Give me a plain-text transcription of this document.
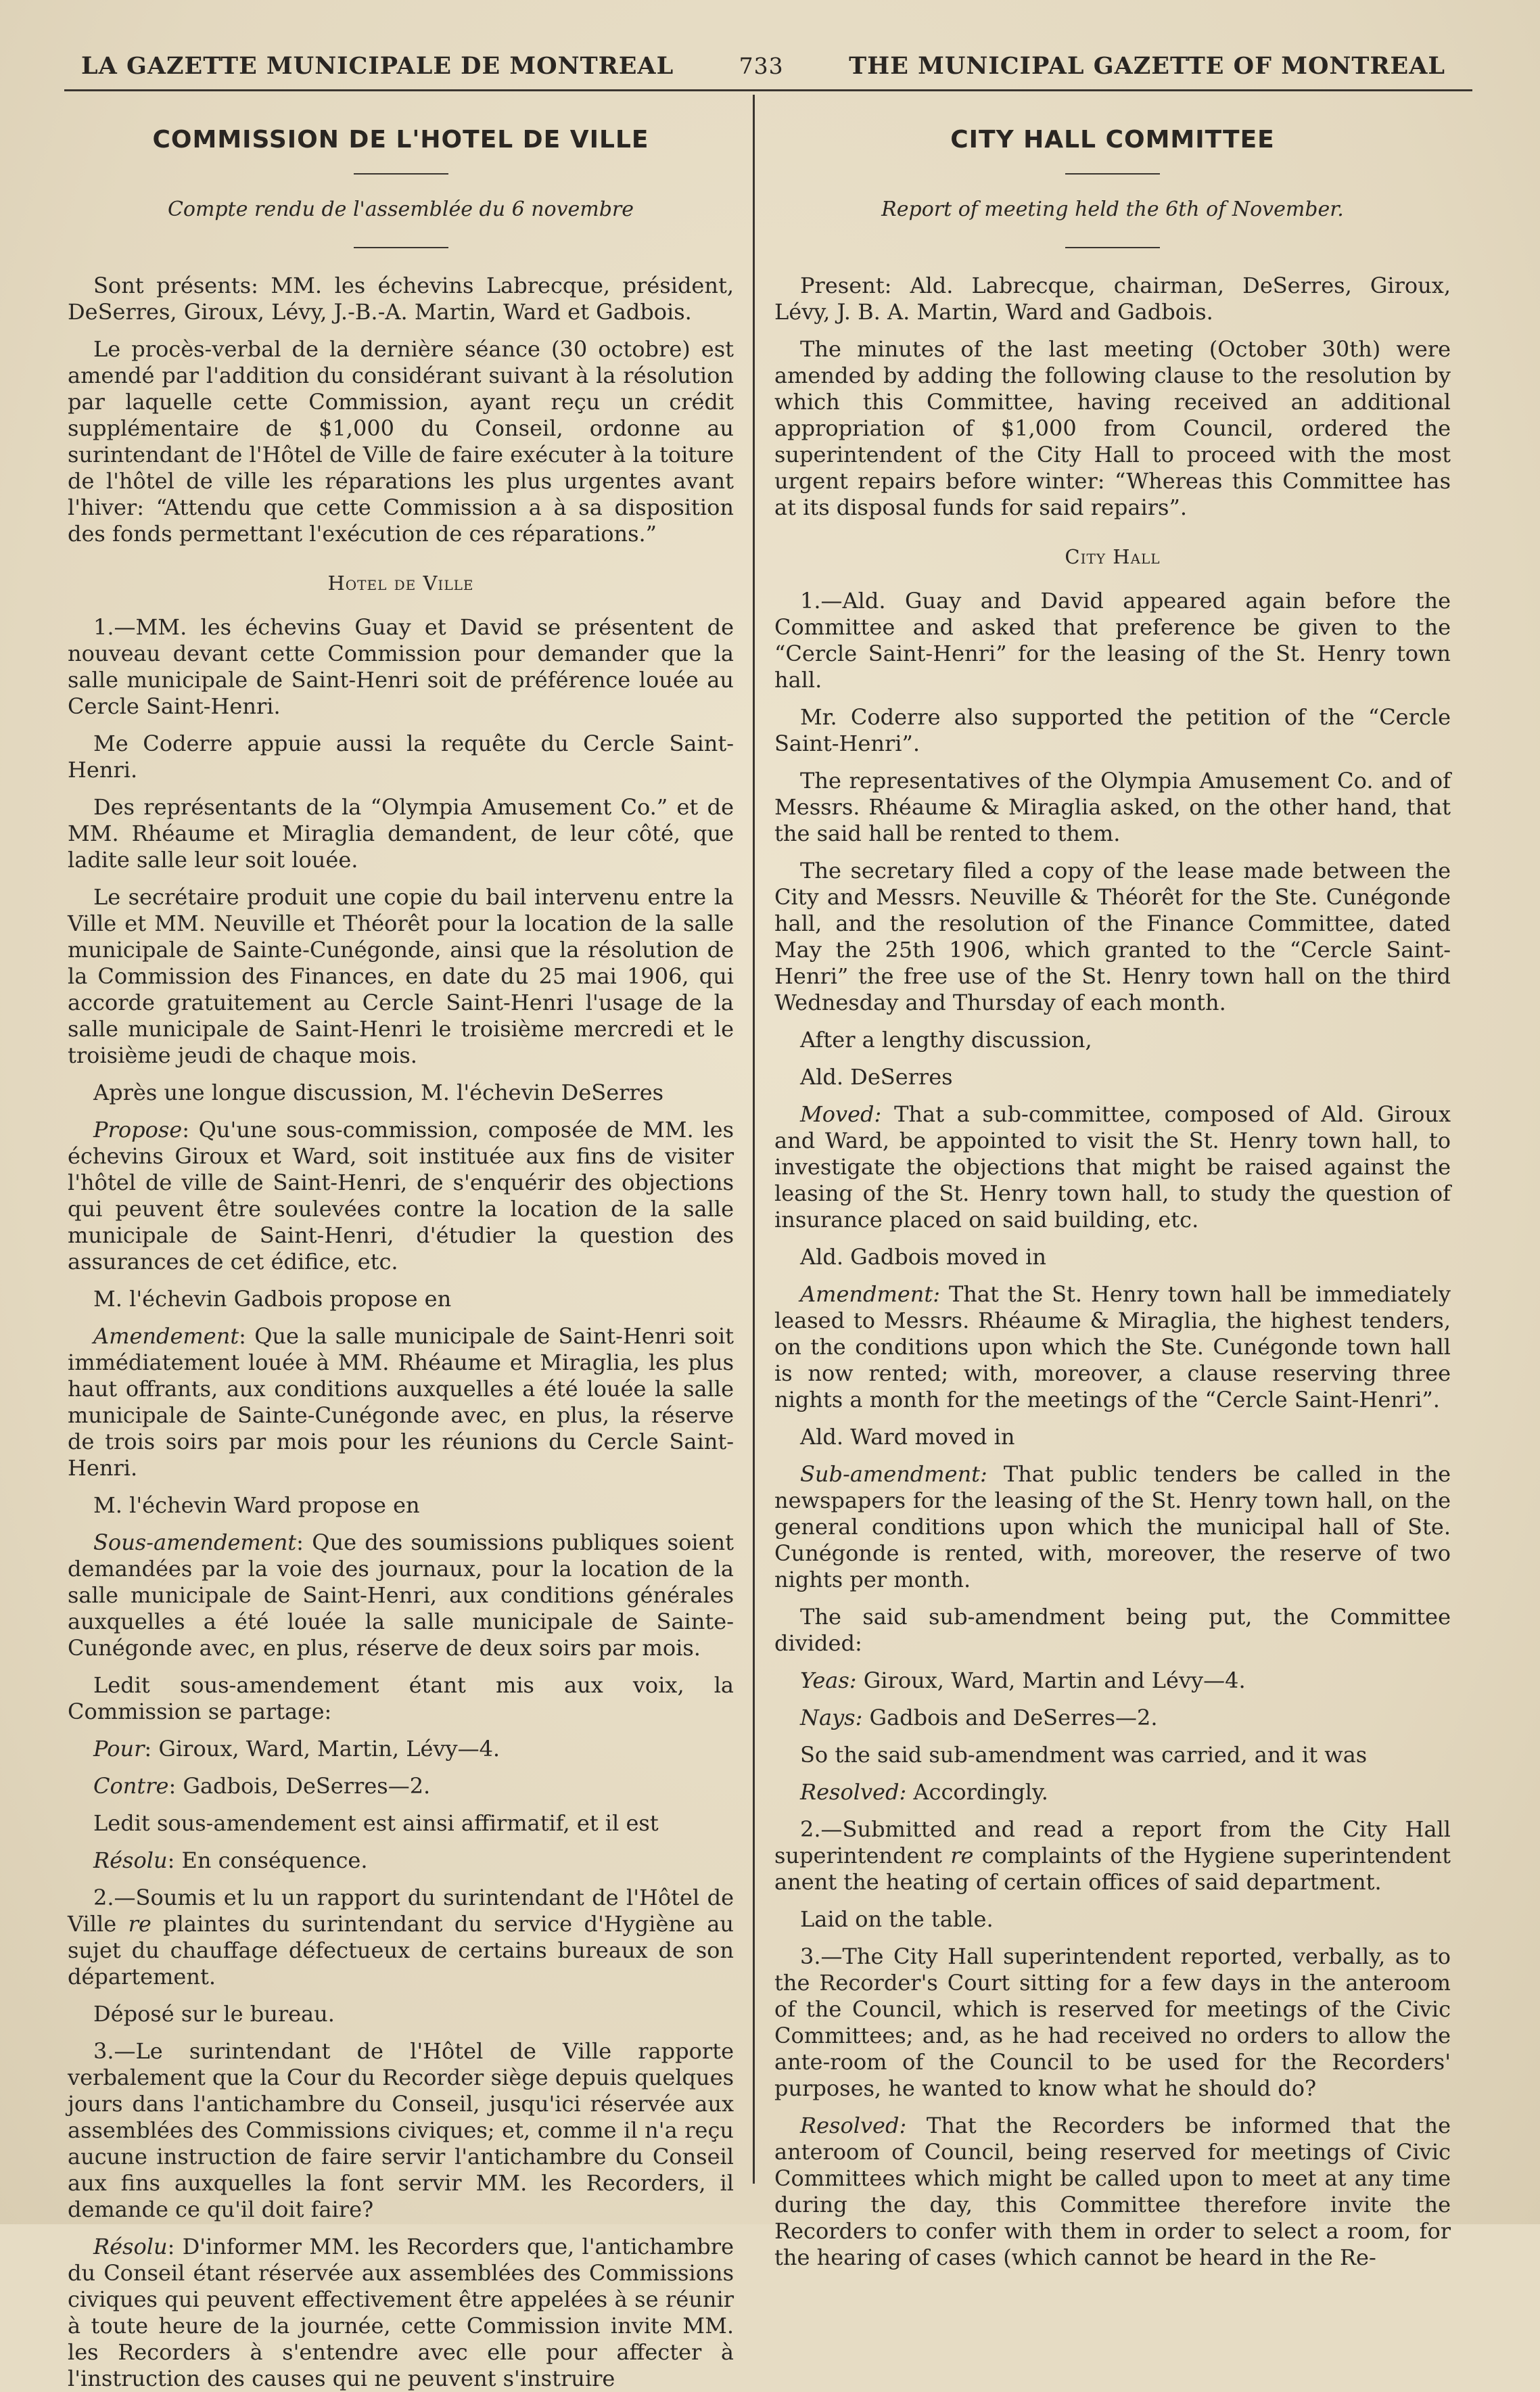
LA GAZETTE MUNICIPALE DE MONTREAL	733	THE MUNICIPAL GAZETTE OF MONTREAL
COMMISSION DE L'HOTEL DE VILLE
Compte rendu de l'assemblée du 6 novembre

Sont présents: MM. les échevins Labrecque, président, DeSerres, Giroux, Lévy, J.-B.-A. Martin, Ward et Gadbois.

Le procès-verbal de la dernière séance (30 octobre) est amendé par l'addition du considérant suivant à la résolution par laquelle cette Commission, ayant reçu un crédit supplémentaire de $1,000 du Conseil, ordonne au surintendant de l'Hôtel de Ville de faire exécuter à la toiture de l'hôtel de ville les réparations les plus urgentes avant l'hiver: “Attendu que cette Commission a à sa disposition des fonds permettant l'exécution de ces réparations.”

Hotel de Ville

1.—MM. les échevins Guay et David se présentent de nouveau devant cette Commission pour demander que la salle municipale de Saint-Henri soit de préférence louée au Cercle Saint-Henri.

Me Coderre appuie aussi la requête du Cercle Saint-Henri.

Des représentants de la “Olympia Amusement Co.” et de MM. Rhéaume et Miraglia demandent, de leur côté, que ladite salle leur soit louée.

Le secrétaire produit une copie du bail intervenu entre la Ville et MM. Neuville et Théorêt pour la location de la salle municipale de Sainte-Cunégonde, ainsi que la résolution de la Commission des Finances, en date du 25 mai 1906, qui accorde gratuitement au Cercle Saint-Henri l'usage de la salle municipale de Saint-Henri le troisième mercredi et le troisième jeudi de chaque mois.

Après une longue discussion, M. l'échevin DeSerres

Propose: Qu'une sous-commission, composée de MM. les échevins Giroux et Ward, soit instituée aux fins de visiter l'hôtel de ville de Saint-Henri, de s'enquérir des objections qui peuvent être soulevées contre la location de la salle municipale de Saint-Henri, d'étudier la question des assurances de cet édifice, etc.

M. l'échevin Gadbois propose en

Amendement: Que la salle municipale de Saint-Henri soit immédiatement louée à MM. Rhéaume et Miraglia, les plus haut offrants, aux conditions auxquelles a été louée la salle municipale de Sainte-Cunégonde avec, en plus, la réserve de trois soirs par mois pour les réunions du Cercle Saint-Henri.

M. l'échevin Ward propose en

Sous-amendement: Que des soumissions publiques soient demandées par la voie des journaux, pour la location de la salle municipale de Saint-Henri, aux conditions générales auxquelles a été louée la salle municipale de Sainte-Cunégonde avec, en plus, réserve de deux soirs par mois.

Ledit sous-amendement étant mis aux voix, la Commission se partage:

Pour: Giroux, Ward, Martin, Lévy—4.

Contre: Gadbois, DeSerres—2.

Ledit sous-amendement est ainsi affirmatif, et il est

Résolu: En conséquence.

2.—Soumis et lu un rapport du surintendant de l'Hôtel de Ville re plaintes du surintendant du service d'Hygiène au sujet du chauffage défectueux de certains bureaux de son département.

Déposé sur le bureau.

3.—Le surintendant de l'Hôtel de Ville rapporte verbalement que la Cour du Recorder siège depuis quelques jours dans l'antichambre du Conseil, jusqu'ici réservée aux assemblées des Commissions civiques; et, comme il n'a reçu aucune instruction de faire servir l'antichambre du Conseil aux fins auxquelles la font servir MM. les Recorders, il demande ce qu'il doit faire?

Résolu: D'informer MM. les Recorders que, l'antichambre du Conseil étant réservée aux assemblées des Commissions civiques qui peuvent effectivement être appelées à se réunir à toute heure de la journée, cette Commission invite MM. les Recorders à s'entendre avec elle pour affecter à l'instruction des causes qui ne peuvent s'instruire

CITY HALL COMMITTEE
Report of meeting held the 6th of November.

Present: Ald. Labrecque, chairman, DeSerres, Giroux, Lévy, J. B. A. Martin, Ward and Gadbois.

The minutes of the last meeting (October 30th) were amended by adding the following clause to the resolution by which this Committee, having received an additional appropriation of $1,000 from Council, ordered the superintendent of the City Hall to proceed with the most urgent repairs before winter: “Whereas this Committee has at its disposal funds for said repairs”.

City Hall

1.—Ald. Guay and David appeared again before the Committee and asked that preference be given to the “Cercle Saint-Henri” for the leasing of the St. Henry town hall.

Mr. Coderre also supported the petition of the “Cercle Saint-Henri”.

The representatives of the Olympia Amusement Co. and of Messrs. Rhéaume & Miraglia asked, on the other hand, that the said hall be rented to them.

The secretary filed a copy of the lease made between the City and Messrs. Neuville & Théorêt for the Ste. Cunégonde hall, and the resolution of the Finance Committee, dated May the 25th 1906, which granted to the “Cercle Saint-Henri” the free use of the St. Henry town hall on the third Wednesday and Thursday of each month.

After a lengthy discussion,

Ald. DeSerres

Moved: That a sub-committee, composed of Ald. Giroux and Ward, be appointed to visit the St. Henry town hall, to investigate the objections that might be raised against the leasing of the St. Henry town hall, to study the question of insurance placed on said building, etc.

Ald. Gadbois moved in

Amendment: That the St. Henry town hall be immediately leased to Messrs. Rhéaume & Miraglia, the highest tenders, on the conditions upon which the Ste. Cunégonde town hall is now rented; with, moreover, a clause reserving three nights a month for the meetings of the “Cercle Saint-Henri”.

Ald. Ward moved in

Sub-amendment: That public tenders be called in the newspapers for the leasing of the St. Henry town hall, on the general conditions upon which the municipal hall of Ste. Cunégonde is rented, with, moreover, the reserve of two nights per month.

The said sub-amendment being put, the Committee divided:

Yeas: Giroux, Ward, Martin and Lévy—4.

Nays: Gadbois and DeSerres—2.

So the said sub-amendment was carried, and it was

Resolved: Accordingly.

2.—Submitted and read a report from the City Hall superintendent re complaints of the Hygiene superintendent anent the heating of certain offices of said department.

Laid on the table.

3.—The City Hall superintendent reported, verbally, as to the Recorder's Court sitting for a few days in the anteroom of the Council, which is reserved for meetings of the Civic Committees; and, as he had received no orders to allow the ante-room of the Council to be used for the Recorders' purposes, he wanted to know what he should do?

Resolved: That the Recorders be informed that the anteroom of Council, being reserved for meetings of Civic Committees which might be called upon to meet at any time during the day, this Committee therefore invite the Recorders to confer with them in order to select a room, for the hearing of cases (which cannot be heard in the Re-
